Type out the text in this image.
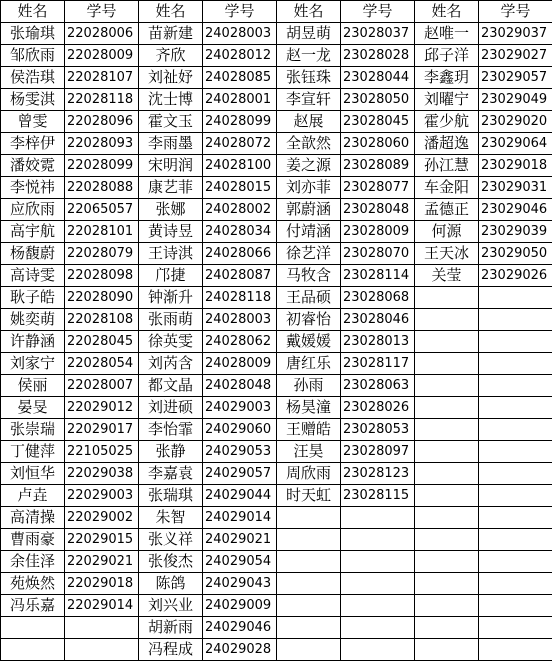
姓名	学号	姓名	学号	姓名	学号	姓名	学号
张瑜琪	22028006	苗新建	24028003	胡昱萌	23028037	赵唯一	23029037
邹欣雨	22028009	齐欣	24028012	赵一龙	23028028	邱子洋	23029027
侯浩琪	22028107	刘祉妤	24028085	张钰珠	23028044	李鑫玥	23029057
杨雯淇	22028118	沈士博	24028001	李宣轩	23028050	刘曜宁	23029049
曾雯	22028096	霍文玉	24028099	赵展	23028045	霍少航	23029020
李梓伊	22028093	李雨墨	24028072	全歆然	23028060	潘超逸	23029064
潘姣霓	22028099	宋明润	24028100	姜之源	23028089	孙江慧	23029018
李悦祎	22028088	康艺菲	24028015	刘亦菲	23028077	车金阳	23029031
应欣雨	22065057	张娜	24028002	郭蔚涵	23028048	孟德正	23029046
高宇航	22028101	黄诗昱	24028034	付靖涵	23028009	何源	23029039
杨馥蔚	22028079	王诗淇	24028066	徐艺洋	23028070	王天冰	23029050
高诗雯	22028098	邝捷	24028087	马牧含	23028114	关莹	23029026
耿子皓	22028090	钟渐升	24028118	王品硕	23028068		
姚奕萌	22028108	张雨萌	24028003	初睿怡	23028046		
许静涵	22028045	徐英雯	24028062	戴媛媛	23028013		
刘家宁	22028054	刘芮含	24028009	唐红乐	23028117		
侯丽	22028007	都文晶	24028048	孙雨	23028063		
晏旻	22029012	刘进硕	24029003	杨昊潼	23028026		
张崇瑞	22029017	李怡霏	24029060	王赠皓	23028053		
丁健萍	22105025	张静	24029053	汪昊	23028097		
刘恒华	22029038	李嘉袁	24029057	周欣雨	23028123		
卢垚	22029003	张瑞琪	24029044	时天虹	23028115		
高清操	22029002	朱智	24029014				
曹雨豪	22029015	张义祥	24029021				
余佳泽	22029021	张俊杰	24029054				
苑焕然	22029018	陈鸽	24029043				
冯乐嘉	22029014	刘兴业	24029009				
		胡新雨	24029046				
		冯程成	24029028				
